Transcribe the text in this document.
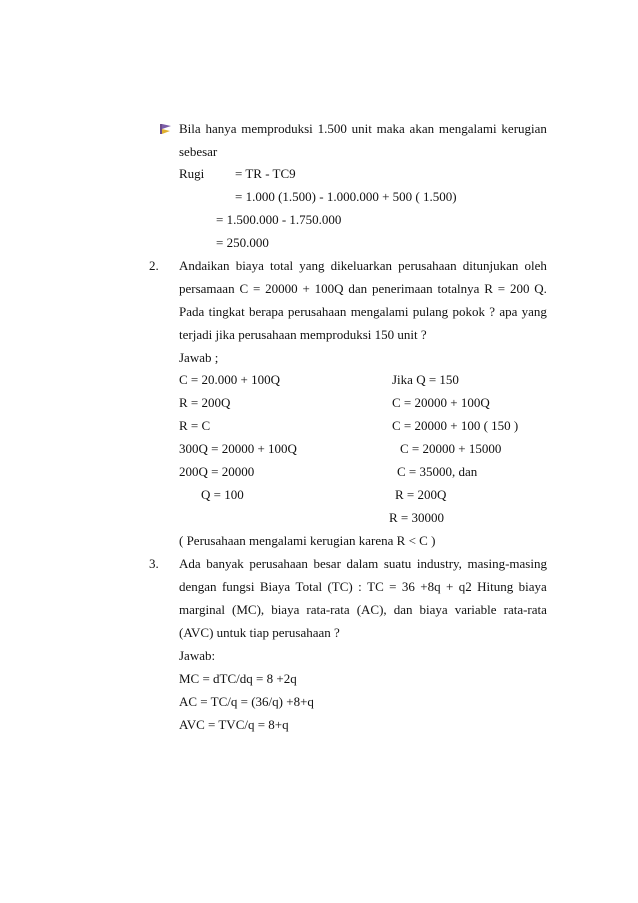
Bila hanya memproduksi 1.500 unit maka akan mengalami kerugian
sebesar
Rugi = TR - TC9
= 1.000 (1.500) - 1.000.000 + 500 ( 1.500)
= 1.500.000 - 1.750.000
= 250.000
2. Andaikan biaya total yang dikeluarkan perusahaan ditunjukan oleh
persamaan C = 20000 + 100Q dan penerimaan totalnya R = 200 Q.
Pada tingkat berapa perusahaan mengalami pulang pokok ? apa yang
terjadi jika perusahaan memproduksi 150 unit ?
Jawab ;
C = 20.000 + 100Q
R = 200Q
R = C
300Q = 20000 + 100Q
200Q = 20000
Q = 100
Jika Q = 150
C = 20000 + 100Q
C = 20000 + 100 ( 150 )
C = 20000 + 15000
C = 35000, dan
R = 200Q
R = 30000
( Perusahaan mengalami kerugian karena R < C )
3. Ada banyak perusahaan besar dalam suatu industry, masing-masing
dengan fungsi Biaya Total (TC) : TC = 36 +8q + q2 Hitung biaya
marginal (MC), biaya rata-rata (AC), dan biaya variable rata-rata
(AVC) untuk tiap perusahaan ?
Jawab:
MC = dTC/dq = 8 +2q
AC = TC/q = (36/q) +8+q
AVC = TVC/q = 8+q
